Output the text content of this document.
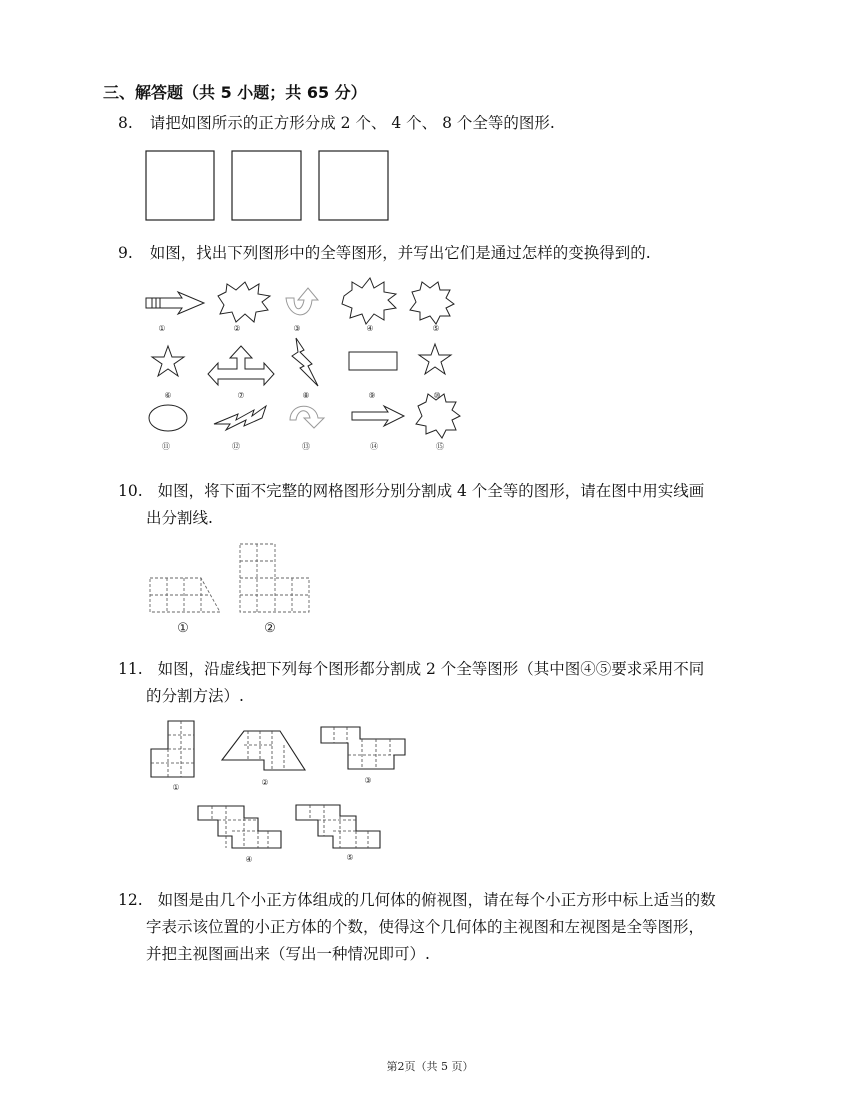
三、解答题（共 5 小题；共 65 分）
8. 请把如图所示的正方形分成 2 个、 4 个、 8 个全等的图形.
9. 如图，找出下列图形中的全等图形，并写出它们是通过怎样的变换得到的.
①	②	③	④	⑤
⑥	⑦	⑧	⑨	⑩
⑪	⑫	⑬	⑭	⑮
10. 如图，将下面不完整的网格图形分别分割成 4 个全等的图形，请在图中用实线画
出分割线.
①	②
11. 如图，沿虚线把下列每个图形都分割成 2 个全等图形（其中图④⑤要求采用不同
的分割方法）.
①
②	③
④	⑤
12. 如图是由几个小正方体组成的几何体的俯视图，请在每个小正方形中标上适当的数
字表示该位置的小正方体的个数，使得这个几何体的主视图和左视图是全等图形，
并把主视图画出来（写出一种情况即可）.
第2页（共 5 页）
